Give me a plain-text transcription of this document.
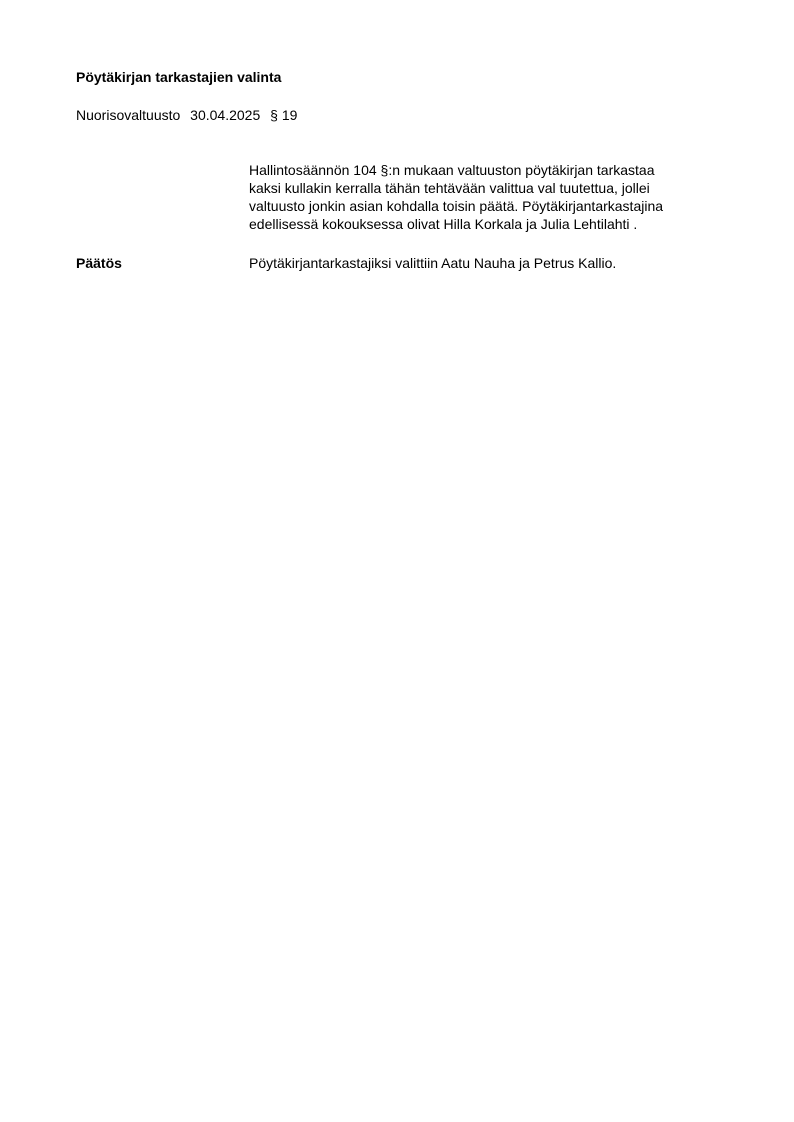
Pöytäkirjan tarkastajien valinta
Nuorisovaltuusto 30.04.2025 § 19
Hallintosäännön 104 §:n mukaan valtuuston pöytäkirjan tarkastaa
kaksi kullakin kerralla tähän tehtävään valittua val tuutettua, jollei
valtuusto jonkin asian kohdalla toisin päätä. Pöytäkirjantarkastajina
edellisessä kokouksessa olivat Hilla Korkala ja Julia Lehtilahti .
Päätös	Pöytäkirjantarkastajiksi valittiin Aatu Nauha ja Petrus Kallio.
